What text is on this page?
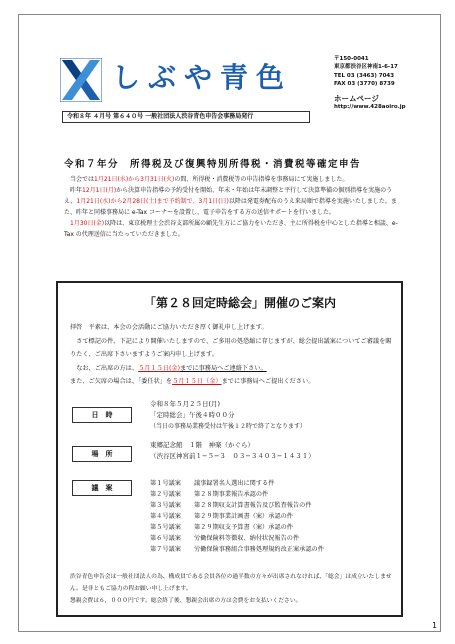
しぶや青色
〒150-0041
東京都渋谷区神南1-6-17
TEL 03 (3463) 7043
FAX 03 (3770) 8739
ホームページ
http://www.428aoiro.jp
令和８年 ４月号 第６４０号 一般社団法人渋谷青色申告会事務局発行
令和７年分　所得税及び復興特別所得税・消費税等確定申告

　当会では1月21日(水)から3月31日(火)の間、所得税・消費税等の申告指導を事務局にて実施しました。

　昨年12月1日(月)から決算申告指導の予約受付を開始、年末・年始は年末調整と平行して決算準備の個別指導を実施のうえ、1月21日(水)から2月28日(土)まで予約制で、3月1日(日)以降は発電券配布のうえ来局順で指導を実施いたしました。また、昨年と同様事務局に e-Tax コーナーを設置し、電子申告をする方の送信サポートを行いました。

　1月30日(金)以降は、東京税理士会渋谷支部所属の顧先生方にご協力をいただき、主に所得税を中心とした指導と相談、e-Tax の代理送信に当たっていただきました。

「第２８回定時総会」開催のご案内

拝啓　平素は、本会の会活動にご協力いただき厚く御礼申し上げます。

　さて標記の件、下記により開催いたしますので、ご多用の処恐縮に存じますが、総会提出議案についてご審議を賜りたく、ご出席下さいますようご案内申し上げます。

　なお、ご出席の方は、５月１５日(金)までに事務局へご連絡下さい。

また、ご欠席の場合は、「委任状」を５月１５日（金）までに事務局へご提出ください。

日　時
令和８年５月２５日(月)
「定時総会」午後４時００分
（当日の事務局業務受付は午後１２時で終了となります）
場　所
東郷記念館　１階　神楽（かぐら）
（渋谷区神宮前１−５−３　０３−３４０３−１４３１）
議　案
第１号議案 議事録署名人選出に関する件
第２号議案 第２８期事業報告承認の件
第３号議案 第２８期収支計算書報告及び監査報告の件
第４号議案 第２９期事業計画書（案）承認の件
第５号議案 第２９期収支予算書（案）承認の件
第６号議案 労働保険料等徴収、納付状況報告の件
第７号議案 労働保険事務組合事務処理規約改正案承認の件

渋谷青色申告会は一般社団法人の為、構成員である会員各位の過半数の方々が出席されなければ、「総会」は成立いたしません。是非ともご協力の程お願い申し上げます。

懇親会費は６，０００円です。総会終了後、懇親会出席の方は会費をお支払いください。

1
